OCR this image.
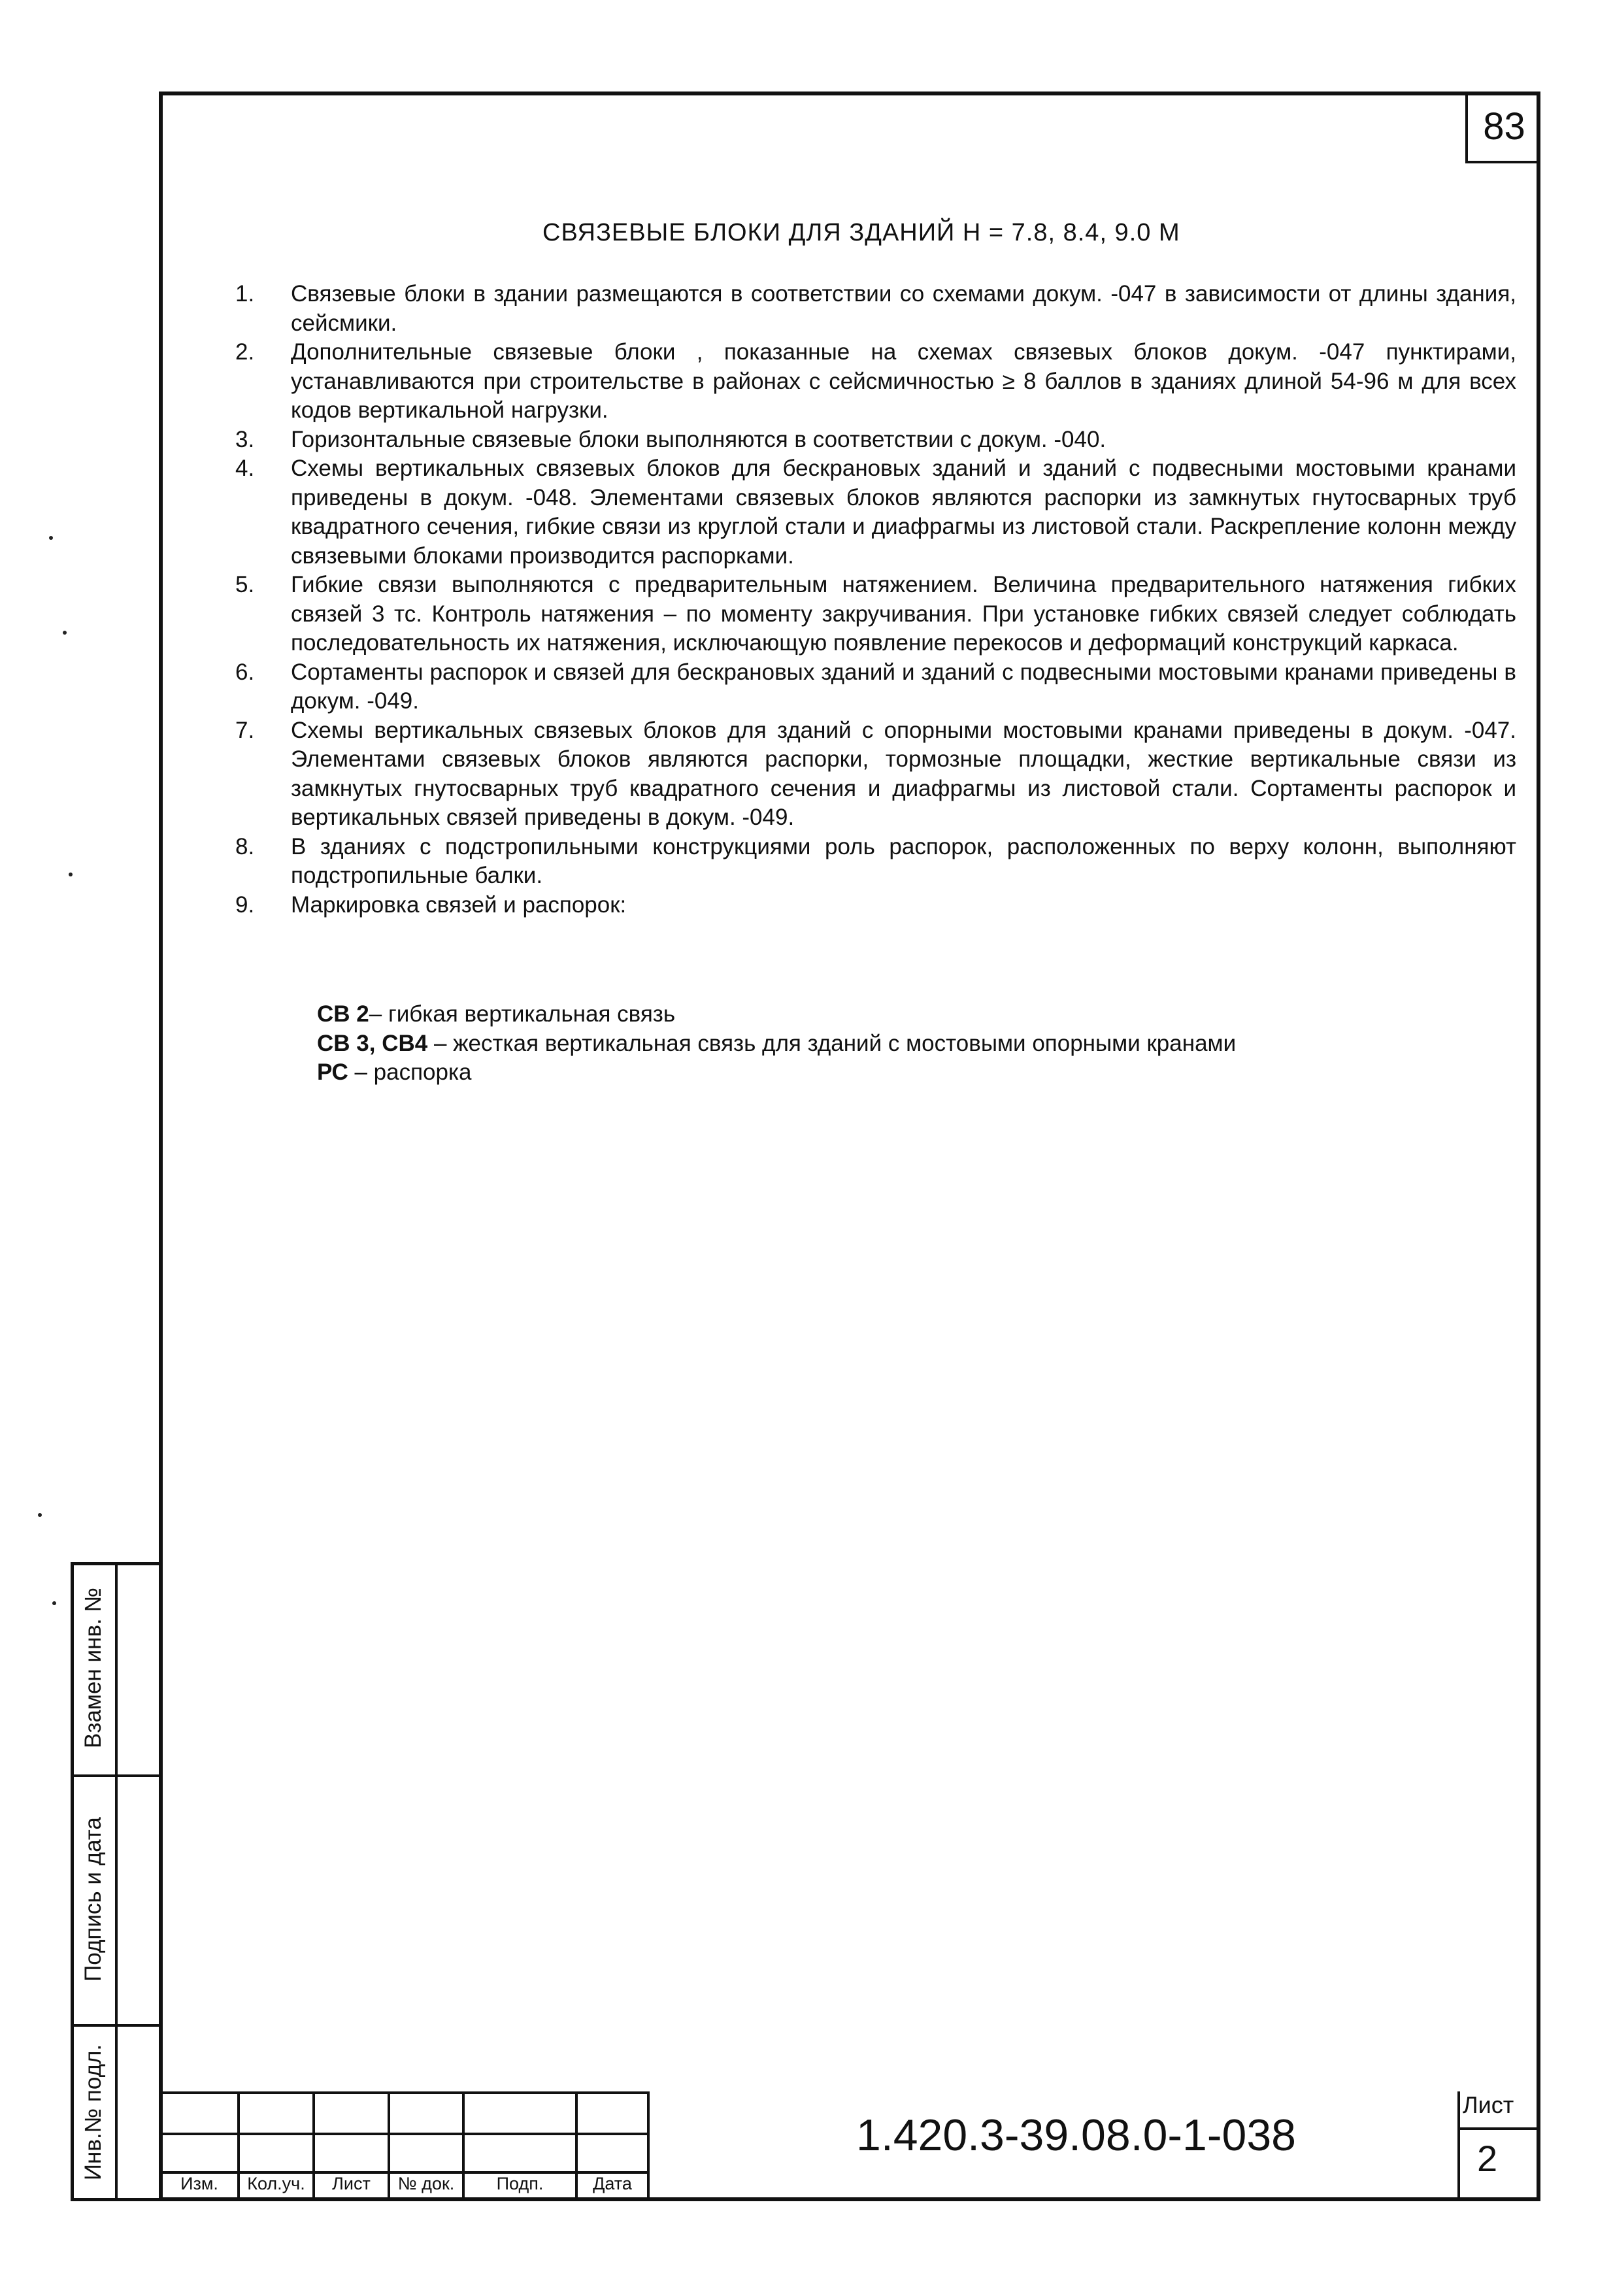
83
СВЯЗЕВЫЕ БЛОКИ ДЛЯ ЗДАНИЙ Н = 7.8, 8.4, 9.0 М
1.	Связевые блоки в здании размещаются в соответствии со схемами докум. -047 в зависимости от длины здания, сейсмики.
2.	Дополнительные связевые блоки , показанные на схемах связевых блоков докум. -047 пунктирами, устанавливаются при строительстве в районах с сейсмичностью ≥ 8 баллов в зданиях длиной 54-96 м для всех кодов вертикальной нагрузки.
3.	Горизонтальные связевые блоки выполняются в соответствии с докум. -040.
4.	Схемы вертикальных связевых блоков для бескрановых зданий и зданий с подвесными мостовыми кранами приведены в докум. -048. Элементами связевых блоков являются распорки из замкнутых гнутосварных труб квадратного сечения, гибкие связи из круглой стали и диафрагмы из листовой стали. Раскрепление колонн между связевыми блоками производится распорками.
5.	Гибкие связи выполняются с предварительным натяжением. Величина предварительного натяжения гибких связей 3 тс. Контроль натяжения – по моменту закручивания. При установке гибких связей следует соблюдать последовательность их натяжения, исключающую появление перекосов и деформаций конструкций каркаса.
6.	Сортаменты распорок и связей для бескрановых зданий и зданий с подвесными мостовыми кранами приведены в докум. -049.
7.	Схемы вертикальных связевых блоков для зданий с опорными мостовыми кранами приведены в докум. -047. Элементами связевых блоков являются распорки, тормозные площадки, жесткие вертикальные связи из замкнутых гнутосварных труб квадратного сечения и диафрагмы из листовой стали. Сортаменты распорок и вертикальных связей приведены в докум. -049.
8.	В зданиях с подстропильными конструкциями роль распорок, расположенных по верху колонн, выполняют подстропильные балки.
9.	Маркировка связей и распорок:
СВ 2– гибкая вертикальная связь
СВ 3, СВ4 – жесткая вертикальная связь для зданий с мостовыми опорными кранами
РС – распорка
Взамен инв. №
Подпись и дата
Инв.№ подл.
Изм.	Кол.уч.	Лист	№ док.	Подп.	Дата
1.420.3-39.08.0-1-038
Лист
2
